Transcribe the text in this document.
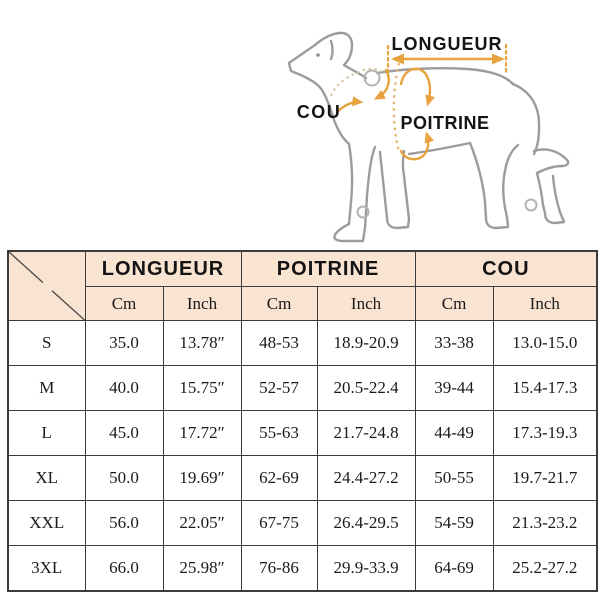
LONGUEUR
COU
POITRINE
	LONGUEUR		POITRINE		COU	
	Cm	Inch	Cm	Inch	Cm	Inch
S	35.0	13.78″	48-53	18.9-20.9	33-38	13.0-15.0
M	40.0	15.75″	52-57	20.5-22.4	39-44	15.4-17.3
L	45.0	17.72″	55-63	21.7-24.8	44-49	17.3-19.3
XL	50.0	19.69″	62-69	24.4-27.2	50-55	19.7-21.7
XXL	56.0	22.05″	67-75	26.4-29.5	54-59	21.3-23.2
3XL	66.0	25.98″	76-86	29.9-33.9	64-69	25.2-27.2
